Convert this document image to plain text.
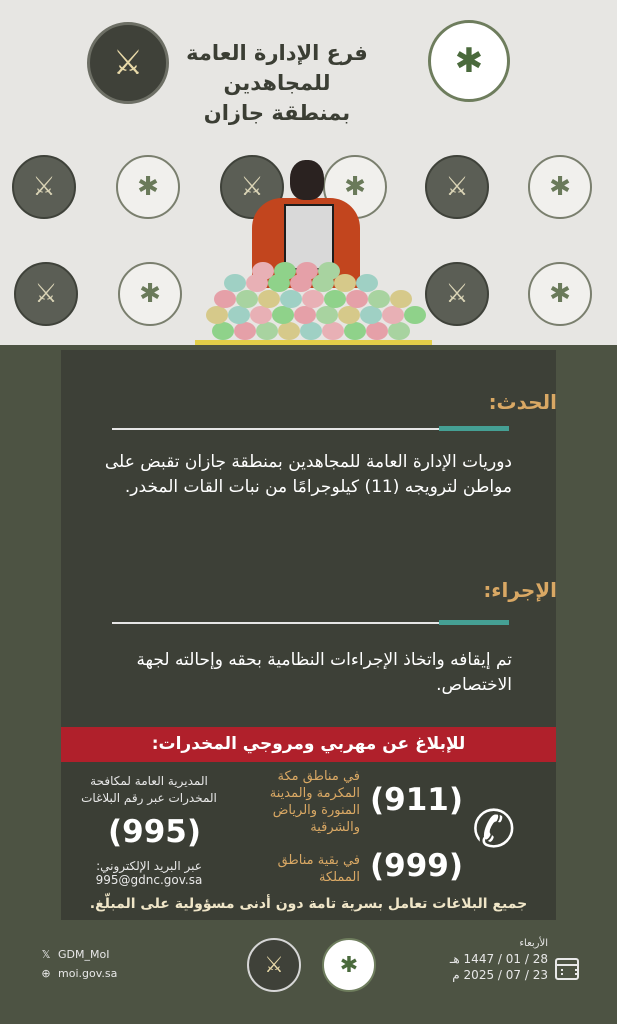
⚔	✱	⚔	✱	⚔	✱
⚔	✱	⚔	✱
⚔	✱
فرع الإدارة العامة للمجاهدين
بمنطقة جازان
الحدث:
دوريات الإدارة العامة للمجاهدين بمنطقة جازان تقبض على مواطن لترويجه (11) كيلوجرامًا من نبات القات المخدر.
الإجراء:
تم إيقافه واتخاذ الإجراءات النظامية بحقه وإحالته لجهة الاختصاص.
للإبلاغ عن مهربي ومروجي المخدرات:
✆
(911)
في مناطق مكة المكرمة والمدينة المنورة والرياض والشرقية
(999)
في بقية مناطق المملكة
المديرية العامة لمكافحة المخدرات عبر رقم البلاغات
(995)
عبر البريد الإلكتروني:
995@gdnc.gov.sa
جميع البلاغات تعامل بسرية تامة دون أدنى مسؤولية على المبلّغ.
⚔	✱
𝕏 GDM_MoI
⊕ moi.gov.sa
الأربعاء
28 / 01 / 1447 هـ
23 / 07 / 2025 م
